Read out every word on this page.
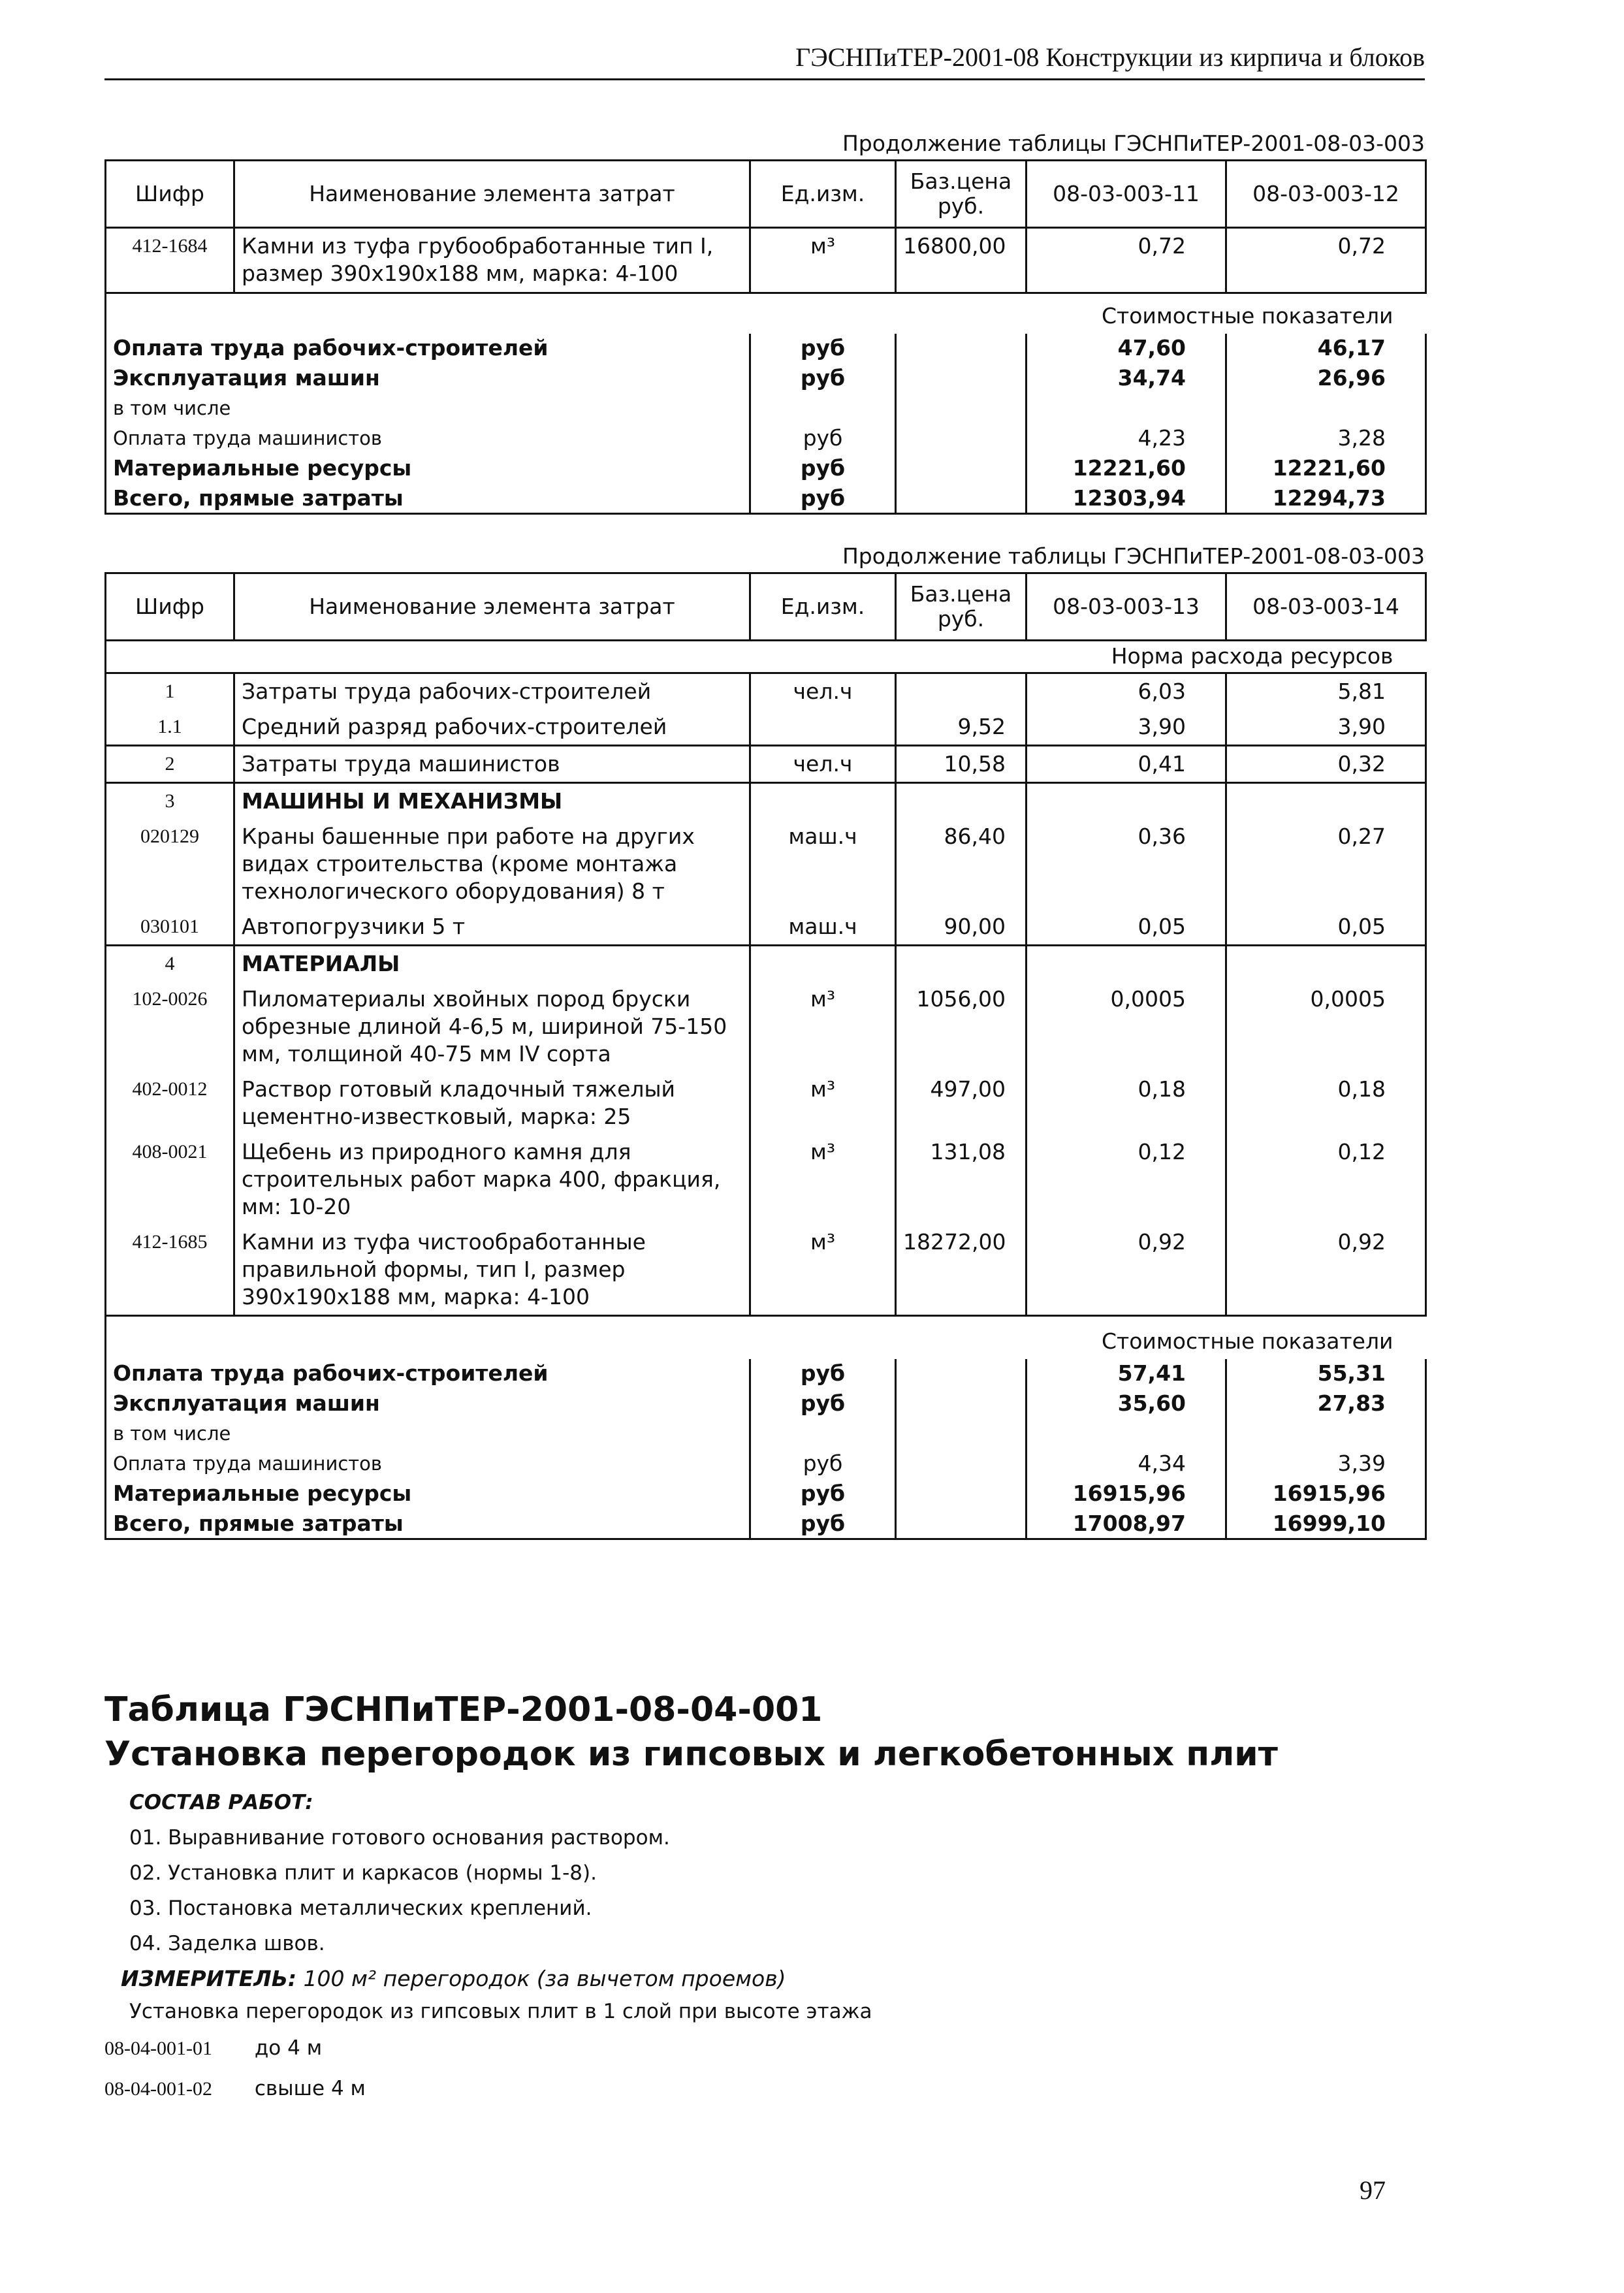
ГЭСНПиТЕР-2001-08 Конструкции из кирпича и блоков
Продолжение таблицы ГЭСНПиТЕР-2001-08-03-003
Шифр	Наименование элемента затрат	Ед.изм.	Баз.цена руб.	08-03-003-11	08-03-003-12
412-1684	Камни из туфа грубообработанные тип I, размер 390х190х188 мм, марка: 4-100	м³	16800,00	0,72	0,72
	Стоимостные показатели				
Оплата труда рабочих-строителей		руб		47,60	46,17
Эксплуатация машин		руб		34,74	26,96
в том числе					
Оплата труда машинистов		руб		4,23	3,28
Материальные ресурсы		руб		12221,60	12221,60
Всего, прямые затраты		руб		12303,94	12294,73
Продолжение таблицы ГЭСНПиТЕР-2001-08-03-003
Шифр	Наименование элемента затрат	Ед.изм.	Баз.цена руб.	08-03-003-13	08-03-003-14
	Норма расхода ресурсов				
1	Затраты труда рабочих-строителей	чел.ч		6,03	5,81
1.1	Средний разряд рабочих-строителей		9,52	3,90	3,90
2	Затраты труда машинистов	чел.ч	10,58	0,41	0,32
3	МАШИНЫ И МЕХАНИЗМЫ				
020129	Краны башенные при работе на других видах строительства (кроме монтажа технологического оборудования) 8 т	маш.ч	86,40	0,36	0,27
030101	Автопогрузчики 5 т	маш.ч	90,00	0,05	0,05
4	МАТЕРИАЛЫ				
102-0026	Пиломатериалы хвойных пород бруски обрезные длиной 4-6,5 м, шириной 75-150 мм, толщиной 40-75 мм IV сорта	м³	1056,00	0,0005	0,0005
402-0012	Раствор готовый кладочный тяжелый цементно-известковый, марка: 25	м³	497,00	0,18	0,18
408-0021	Щебень из природного камня для строительных работ марка 400, фракция, мм: 10-20	м³	131,08	0,12	0,12
412-1685	Камни из туфа чистообработанные правильной формы, тип I, размер 390х190х188 мм, марка: 4-100	м³	18272,00	0,92	0,92
	Стоимостные показатели				
Оплата труда рабочих-строителей		руб		57,41	55,31
Эксплуатация машин		руб		35,60	27,83
в том числе					
Оплата труда машинистов		руб		4,34	3,39
Материальные ресурсы		руб		16915,96	16915,96
Всего, прямые затраты		руб		17008,97	16999,10
Таблица ГЭСНПиТЕР-2001-08-04-001
Установка перегородок из гипсовых и легкобетонных плит
СОСТАВ РАБОТ:
01. Выравнивание готового основания раствором.
02. Установка плит и каркасов (нормы 1-8).
03. Постановка металлических креплений.
04. Заделка швов.
ИЗМЕРИТЕЛЬ: 100 м² перегородок (за вычетом проемов)
Установка перегородок из гипсовых плит в 1 слой при высоте этажа
08-04-001-01 до 4 м
08-04-001-02 свыше 4 м
97
